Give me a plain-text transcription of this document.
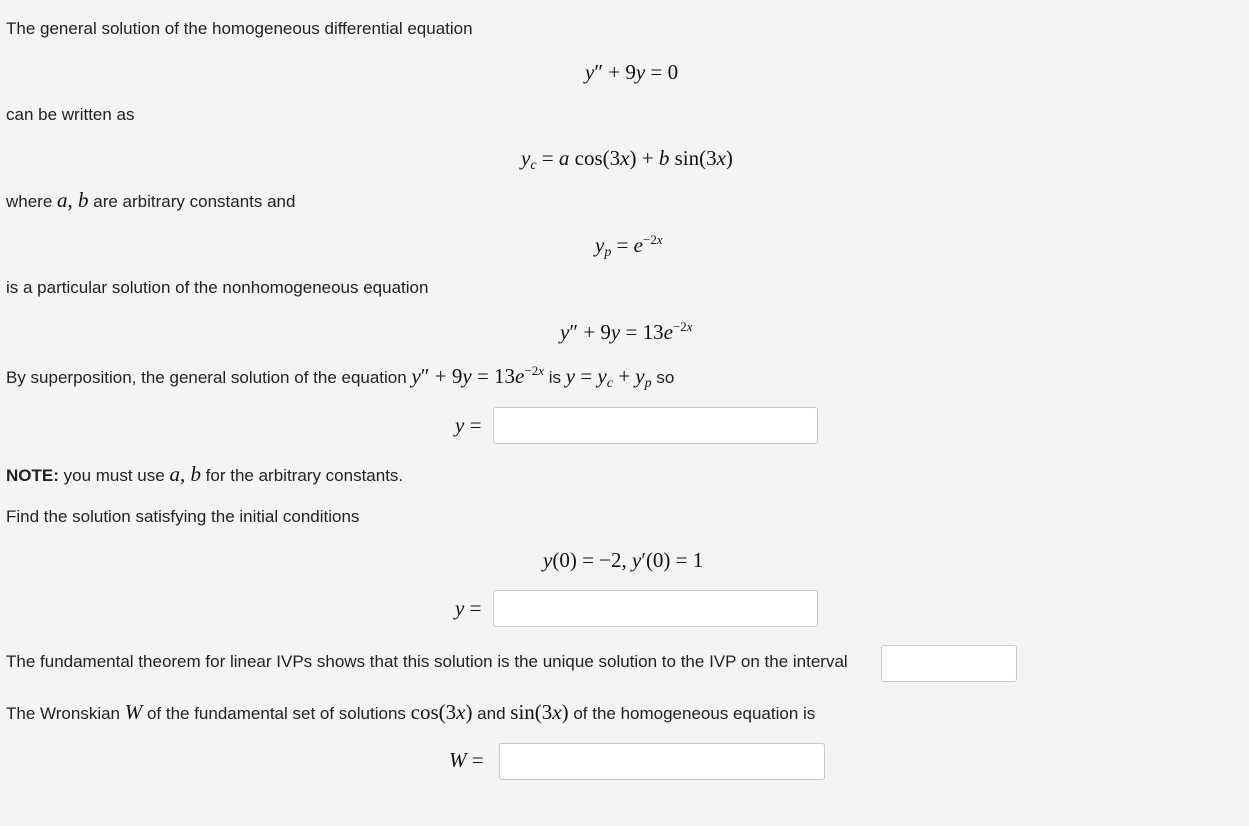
The general solution of the homogeneous differential equation
y″ + 9y = 0
can be written as
$y_c = a$ cos(3x) + b sin(3x)
where a, b are arbitrary constants and
$y_p = e^{-2x}$
is a particular solution of the nonhomogeneous equation
$y'' + 9y = 13e^{-2x}$
By superposition, the general solution of the equation $y'' + 9y = 13e^{-2x}$ is $y = y_c + y_p$ so
y =
NOTE: you must use a, b for the arbitrary constants.
Find the solution satisfying the initial conditions
y(0) = −2, y′(0) = 1
y =
The fundamental theorem for linear IVPs shows that this solution is the unique solution to the IVP on the interval
The Wronskian W of the fundamental set of solutions cos(3x) and sin(3x) of the homogeneous equation is
W =
